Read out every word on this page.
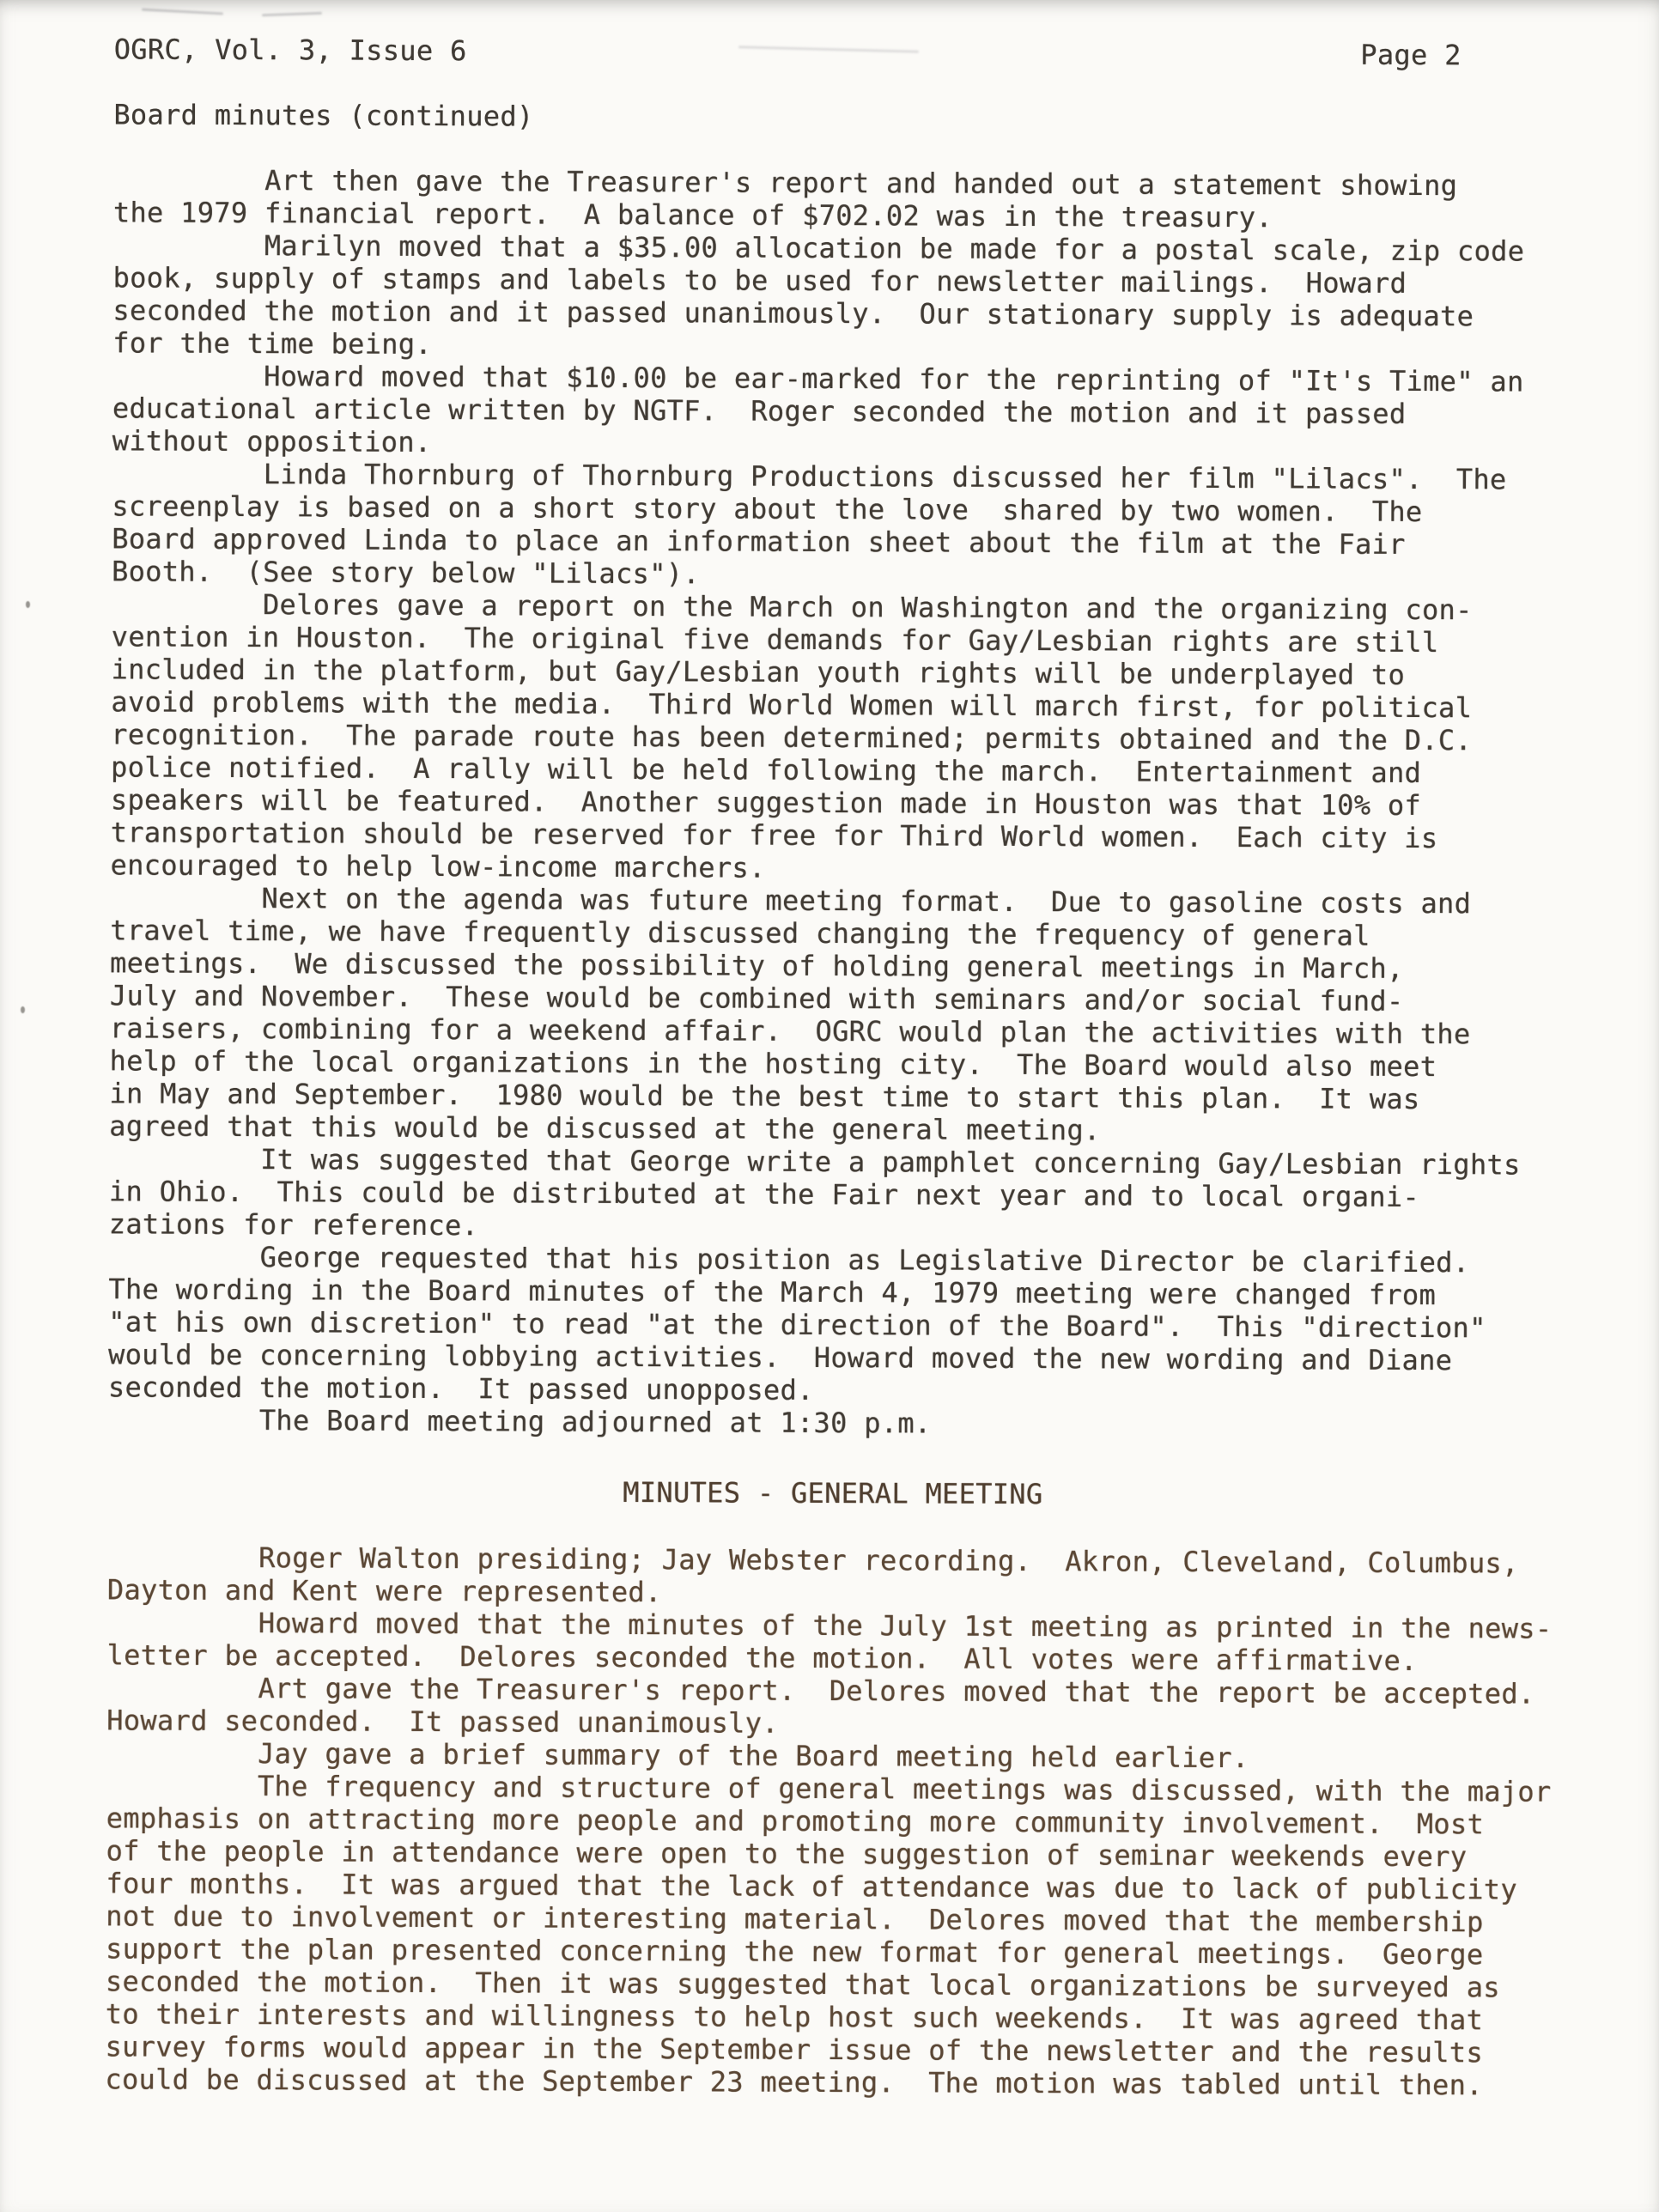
OGRC, Vol. 3, Issue 6	Page 2
Board minutes (continued)
Art then gave the Treasurer's report and handed out a statement showing
the 1979 financial report.  A balance of $702.02 was in the treasury.
Marilyn moved that a $35.00 allocation be made for a postal scale, zip code
book, supply of stamps and labels to be used for newsletter mailings.  Howard
seconded the motion and it passed unanimously.  Our stationary supply is adequate
for the time being.
Howard moved that $10.00 be ear-marked for the reprinting of "It's Time" an
educational article written by NGTF.  Roger seconded the motion and it passed
without opposition.
Linda Thornburg of Thornburg Productions discussed her film "Lilacs".  The
screenplay is based on a short story about the love  shared by two women.  The
Board approved Linda to place an information sheet about the film at the Fair
Booth.  (See story below "Lilacs").
Delores gave a report on the March on Washington and the organizing con-
vention in Houston.  The original five demands for Gay/Lesbian rights are still
included in the platform, but Gay/Lesbian youth rights will be underplayed to
avoid problems with the media.  Third World Women will march first, for political
recognition.  The parade route has been determined; permits obtained and the D.C.
police notified.  A rally will be held following the march.  Entertainment and
speakers will be featured.  Another suggestion made in Houston was that 10% of
transportation should be reserved for free for Third World women.  Each city is
encouraged to help low-income marchers.
Next on the agenda was future meeting format.  Due to gasoline costs and
travel time, we have frequently discussed changing the frequency of general
meetings.  We discussed the possibility of holding general meetings in March,
July and November.  These would be combined with seminars and/or social fund-
raisers, combining for a weekend affair.  OGRC would plan the activities with the
help of the local organizations in the hosting city.  The Board would also meet
in May and September.  1980 would be the best time to start this plan.  It was
agreed that this would be discussed at the general meeting.
It was suggested that George write a pamphlet concerning Gay/Lesbian rights
in Ohio.  This could be distributed at the Fair next year and to local organi-
zations for reference.
George requested that his position as Legislative Director be clarified.
The wording in the Board minutes of the March 4, 1979 meeting were changed from
"at his own discretion" to read "at the direction of the Board".  This "direction"
would be concerning lobbying activities.  Howard moved the new wording and Diane
seconded the motion.  It passed unopposed.
The Board meeting adjourned at 1:30 p.m.
MINUTES - GENERAL MEETING
Roger Walton presiding; Jay Webster recording.  Akron, Cleveland, Columbus,
Dayton and Kent were represented.
Howard moved that the minutes of the July 1st meeting as printed in the news-
letter be accepted.  Delores seconded the motion.  All votes were affirmative.
Art gave the Treasurer's report.  Delores moved that the report be accepted.
Howard seconded.  It passed unanimously.
Jay gave a brief summary of the Board meeting held earlier.
The frequency and structure of general meetings was discussed, with the major
emphasis on attracting more people and promoting more community involvement.  Most
of the people in attendance were open to the suggestion of seminar weekends every
four months.  It was argued that the lack of attendance was due to lack of publicity
not due to involvement or interesting material.  Delores moved that the membership
support the plan presented concerning the new format for general meetings.  George
seconded the motion.  Then it was suggested that local organizations be surveyed as
to their interests and willingness to help host such weekends.  It was agreed that
survey forms would appear in the September issue of the newsletter and the results
could be discussed at the September 23 meeting.  The motion was tabled until then.
